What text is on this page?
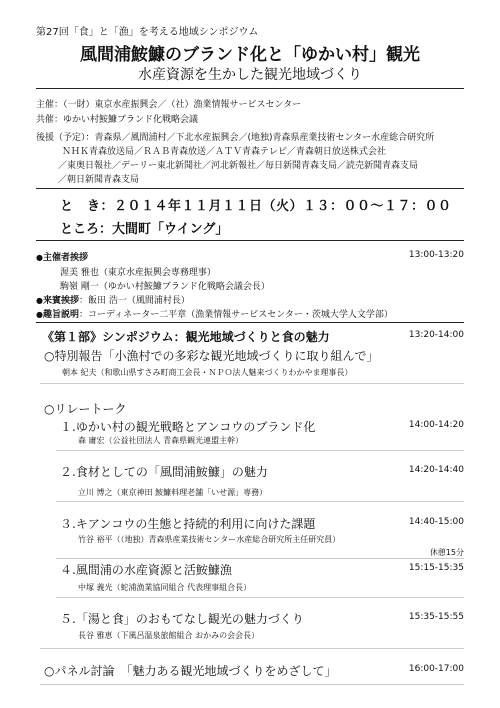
第27回「食」と「漁」を考える地域シンポジウム
風間浦鮟鱇のブランド化と「ゆかい村」観光
水産資源を生かした観光地域づくり
主催：（一財）東京水産振興会／（社）漁業情報サービスセンター
共催：ゆかい村鮟鱇ブランド化戦略会議
後援（予定）：青森県／風間浦村／下北水産振興会／(地独)青森県産業技術センター水産総合研究所
ＮＨＫ青森放送局／ＲＡＢ青森放送／ＡＴＶ青森テレビ／青森朝日放送株式会社
／東奥日報社／デーリー東北新聞社／河北新報社／毎日新聞青森支局／読売新聞青森支局
／朝日新聞青森支局
と　き：２０１４年１１月１１日（火）１３：００～１７：００
ところ：大間町「ウイング」
●主催者挨拶	13:00-13:20
渥美 雅也（東京水産振興会専務理事）
駒嶺 剛一（ゆかい村鮟鱇ブランド化戦略会議会長）
●来賓挨拶：飯田 浩一（風間浦村長）
●趣旨説明：コーディネーター二平章（漁業情報サービスセンター・茨城大学人文学部）
《第１部》シンポジウム：観光地域づくりと食の魅力	13:20-14:00
○特別報告「小漁村での多彩な観光地域づくりに取り組んで」
朝本 紀夫（和歌山県すさみ町商工会長・ＮＰＯ法人魅来づくりわかやま理事長）
○リレートーク
１.ゆかい村の観光戦略とアンコウのブランド化	14:00-14:20
森 庸宏（公益社団法人 青森県観光連盟主幹）
２.食材としての「風間浦鮟鱇」の魅力	14:20-14:40
立川 博之（東京神田 鮟鱇料理老舗「いせ源」専務）
３.キアンコウの生態と持続的利用に向けた課題	14:40-15:00
竹谷 裕平（（地独）青森県産業技術センター水産総合研究所主任研究員）
休憩15分
４.風間浦の水産資源と活鮟鱇漁	15:15-15:35
中塚 義光（蛇浦漁業協同組合 代表理事組合長）
５.「湯と食」のおもてなし観光の魅力づくり	15:35-15:55
長谷 雅恵（下風呂温泉旅館組合 おかみの会会長）
○パネル討論　「魅力ある観光地域づくりをめざして」	16:00-17:00
